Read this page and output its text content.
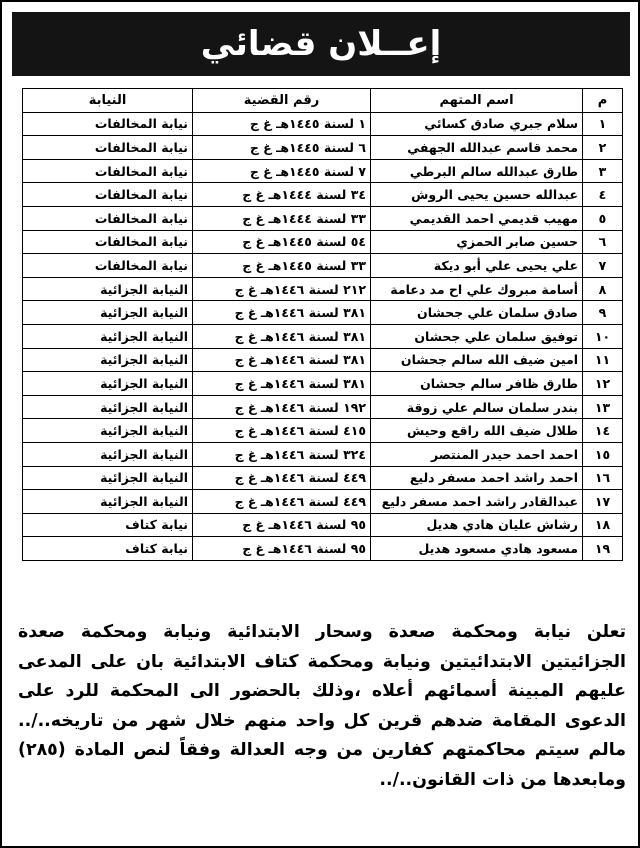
إعــلان قضائي
م	اسم المتهم	رقم القضية	النيابة
١	سلام جبري صادق كسائي	١ لسنة ١٤٤٥هـ غ ج	نيابة المخالفات
٢	محمد قاسم عبدالله الجهفي	٦ لسنة ١٤٤٥هـ غ ج	نيابة المخالفات
٣	طارق عبدالله سالم البرطي	٧ لسنة ١٤٤٥هـ غ ج	نيابة المخالفات
٤	عبدالله حسين يحيى الروش	٣٤ لسنة ١٤٤٤هـ غ ج	نيابة المخالفات
٥	مهيب قديمي احمد القديمي	٣٣ لسنة ١٤٤٤هـ غ ج	نيابة المخالفات
٦	حسين صابر الحمزي	٥٤ لسنة ١٤٤٥هـ غ ج	نيابة المخالفات
٧	علي يحيى علي أبو ديكة	٣٣ لسنة ١٤٤٥هـ غ ج	نيابة المخالفات
٨	أسامة مبروك علي اح مد دعامة	٢١٢ لسنة ١٤٤٦هـ غ ج	النيابة الجزائية
٩	صادق سلمان علي جحشان	٣٨١ لسنة ١٤٤٦هـ غ ج	النيابة الجزائية
١٠	توفيق سلمان علي جحشان	٣٨١ لسنة ١٤٤٦هـ غ ج	النيابة الجزائية
١١	امين ضيف الله سالم جحشان	٣٨١ لسنة ١٤٤٦هـ غ ج	النيابة الجزائية
١٢	طارق ظافر سالم جحشان	٣٨١ لسنة ١٤٤٦هـ غ ج	النيابة الجزائية
١٣	بندر سلمان سالم علي زوقة	١٩٢ لسنة ١٤٤٦هـ غ ج	النيابة الجزائية
١٤	طلال ضيف الله راقع وحيش	٤١٥ لسنة ١٤٤٦هـ غ ج	النيابة الجزائية
١٥	احمد احمد حيدر المنتصر	٣٢٤ لسنة ١٤٤٦هـ غ ج	النيابة الجزائية
١٦	احمد راشد احمد مسفر دليع	٤٤٩ لسنة ١٤٤٦هـ غ ج	النيابة الجزائية
١٧	عبدالقادر راشد احمد مسفر دليع	٤٤٩ لسنة ١٤٤٦هـ غ ج	النيابة الجزائية
١٨	رشاش عليان هادي هديل	٩٥ لسنة ١٤٤٦هـ غ ج	نيابة كتاف
١٩	مسعود هادي مسعود هديل	٩٥ لسنة ١٤٤٦هـ غ ج	نيابة كتاف

تعلن نيابة ومحكمة صعدة وسحار الابتدائية ونيابة ومحكمة صعدة الجزائيتين الابتدائيتين ونيابة ومحكمة كتاف الابتدائية بان على المدعى عليهم المبينة أسمائهم أعلاه ،وذلك بالحضور الى المحكمة للرد على الدعوى المقامة ضدهم قرين كل واحد منهم خلال شهر من تاريخه../.. مالم سيتم محاكمتهم كفارين من وجه العدالة وفقاً لنص المادة (٢٨٥) ومابعدها من ذات القانون../..
